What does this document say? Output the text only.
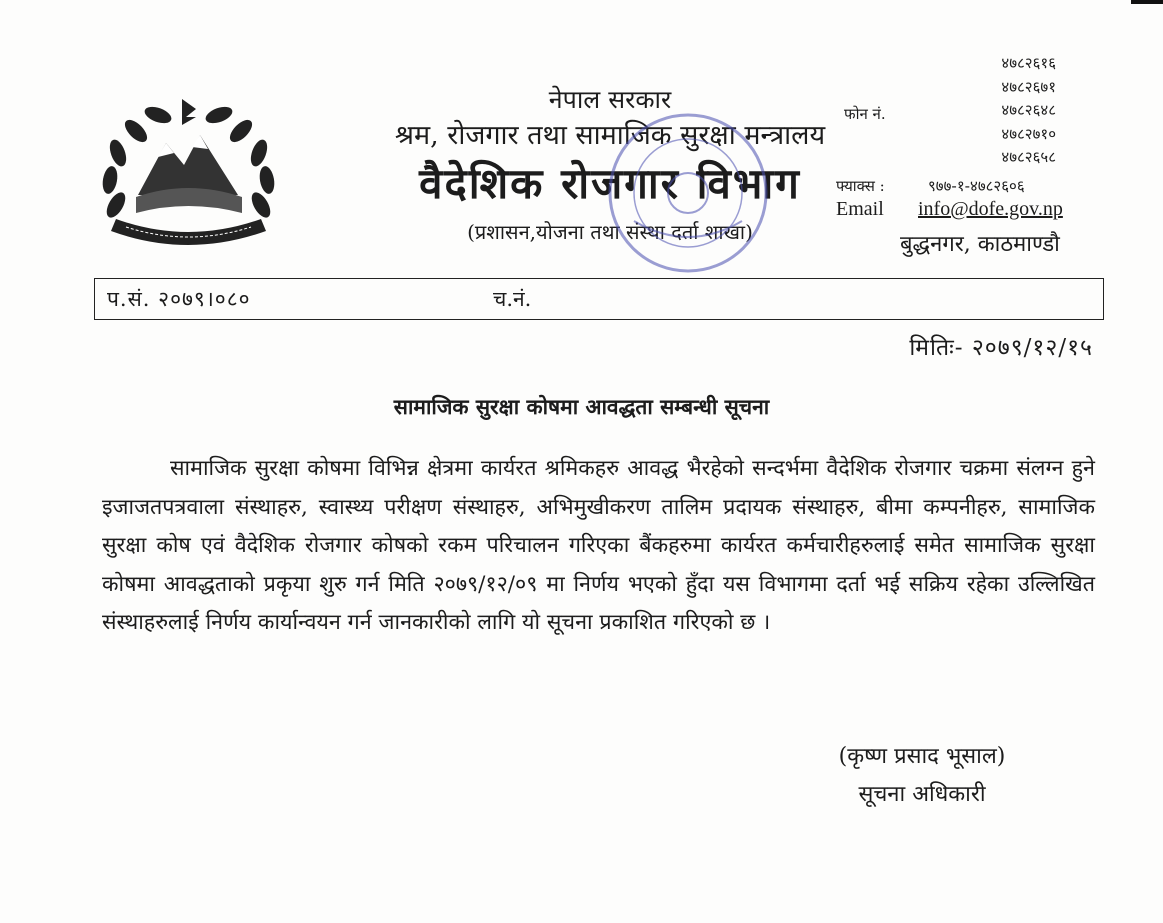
नेपाल सरकार

श्रम, रोजगार तथा सामाजिक सुरक्षा मन्त्रालय

वैदेशिक रोजगार विभाग

(प्रशासन,योजना तथा संस्था दर्ता शाखा)

फोन नं.
४७८२६१६
४७८२६७१
४७८२६४८
४७८२७१०
४७८२६५८
फ्याक्स :	९७७-१-४७८२६०६
Email info@dofe.gov.np
बुद्धनगर, काठमाण्डौ
प.सं. २०७९।०८०	च.नं.
मितिः- २०७९/१२/१५
सामाजिक सुरक्षा कोषमा आवद्धता सम्बन्धी सूचना

सामाजिक सुरक्षा कोषमा विभिन्न क्षेत्रमा कार्यरत श्रमिकहरु आवद्ध भैरहेको सन्दर्भमा वैदेशिक रोजगार चक्रमा संलग्न हुने इजाजतपत्रवाला संस्थाहरु, स्वास्थ्य परीक्षण संस्थाहरु, अभिमुखीकरण तालिम प्रदायक संस्थाहरु, बीमा कम्पनीहरु, सामाजिक सुरक्षा कोष एवं वैदेशिक रोजगार कोषको रकम परिचालन गरिएका बैंकहरुमा कार्यरत कर्मचारीहरुलाई समेत सामाजिक सुरक्षा कोषमा आवद्धताको प्रकृया शुरु गर्न मिति २०७९/१२/०९ मा निर्णय भएको हुँदा यस विभागमा दर्ता भई सक्रिय रहेका उल्लिखित संस्थाहरुलाई निर्णय कार्यान्वयन गर्न जानकारीको लागि यो सूचना प्रकाशित गरिएको छ ।

(कृष्ण प्रसाद भूसाल)
सूचना अधिकारी
